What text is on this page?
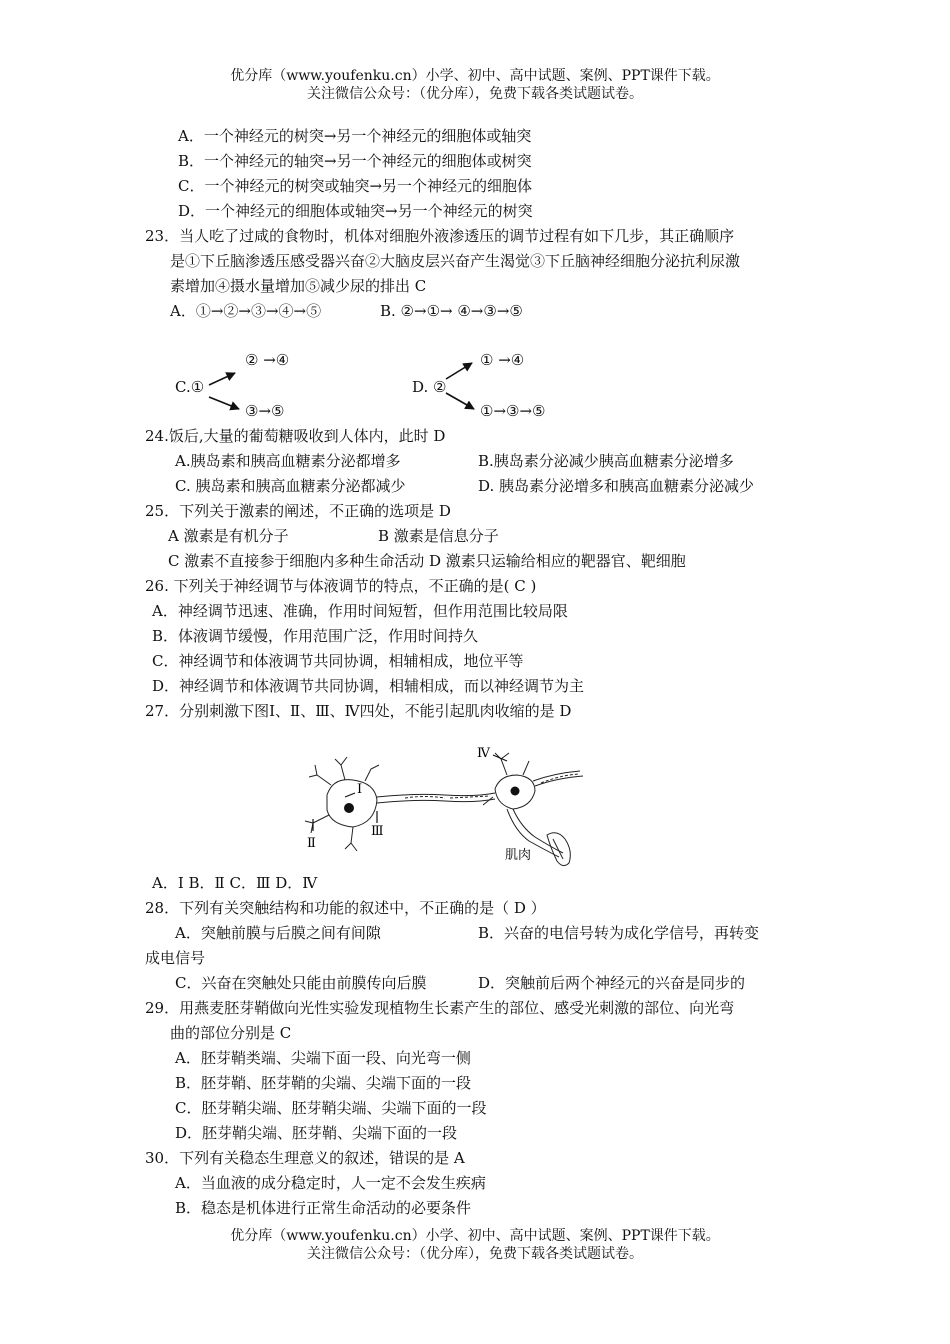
优分库（www.youfenku.cn）小学、初中、高中试题、案例、PPT课件下载。
关注微信公众号：（优分库），免费下载各类试题试卷。
A．一个神经元的树突→另一个神经元的细胞体或轴突
B．一个神经元的轴突→另一个神经元的细胞体或树突
C．一个神经元的树突或轴突→另一个神经元的细胞体
D．一个神经元的细胞体或轴突→另一个神经元的树突
23．当人吃了过咸的食物时，机体对细胞外液渗透压的调节过程有如下几步，其正确顺序
是①下丘脑渗透压感受器兴奋②大脑皮层兴奋产生渴觉③下丘脑神经细胞分泌抗利尿激
素增加④摄水量增加⑤减少尿的排出 C
A．①→②→③→④→⑤	B. ②→①→ ④→③→⑤
② →④
C.①
③→⑤
① →④
D. ②
①→③→⑤
24.饭后,大量的葡萄糖吸收到人体内，此时 D
A.胰岛素和胰高血糖素分泌都增多	B.胰岛素分泌减少胰高血糖素分泌增多
C. 胰岛素和胰高血糖素分泌都减少	D. 胰岛素分泌增多和胰高血糖素分泌减少
25．下列关于激素的阐述，不正确的选项是 D
A 激素是有机分子	B 激素是信息分子
C 激素不直接参于细胞内多种生命活动 D 激素只运输给相应的靶器官、靶细胞
26. 下列关于神经调节与体液调节的特点，不正确的是( C )
A．神经调节迅速、准确，作用时间短暂，但作用范围比较局限
B．体液调节缓慢，作用范围广泛，作用时间持久
C．神经调节和体液调节共同协调，相辅相成，地位平等
D．神经调节和体液调节共同协调，相辅相成，而以神经调节为主
27．分别刺激下图Ⅰ、Ⅱ、Ⅲ、Ⅳ四处，不能引起肌肉收缩的是 D
Ⅰ
Ⅱ
Ⅲ
Ⅳ
肌肉
A．Ⅰ B．Ⅱ C．Ⅲ D．Ⅳ
28．下列有关突触结构和功能的叙述中，不正确的是（ D ）
A．突触前膜与后膜之间有间隙	B．兴奋的电信号转为成化学信号，再转变
成电信号
C．兴奋在突触处只能由前膜传向后膜	D．突触前后两个神经元的兴奋是同步的
29．用燕麦胚芽鞘做向光性实验发现植物生长素产生的部位、感受光刺激的部位、向光弯
曲的部位分别是 C
A．胚芽鞘类端、尖端下面一段、向光弯一侧
B．胚芽鞘、胚芽鞘的尖端、尖端下面的一段
C．胚芽鞘尖端、胚芽鞘尖端、尖端下面的一段
D．胚芽鞘尖端、胚芽鞘、尖端下面的一段
30．下列有关稳态生理意义的叙述，错误的是 A
A．当血液的成分稳定时，人一定不会发生疾病
B．稳态是机体进行正常生命活动的必要条件
优分库（www.youfenku.cn）小学、初中、高中试题、案例、PPT课件下载。
关注微信公众号：（优分库），免费下载各类试题试卷。
